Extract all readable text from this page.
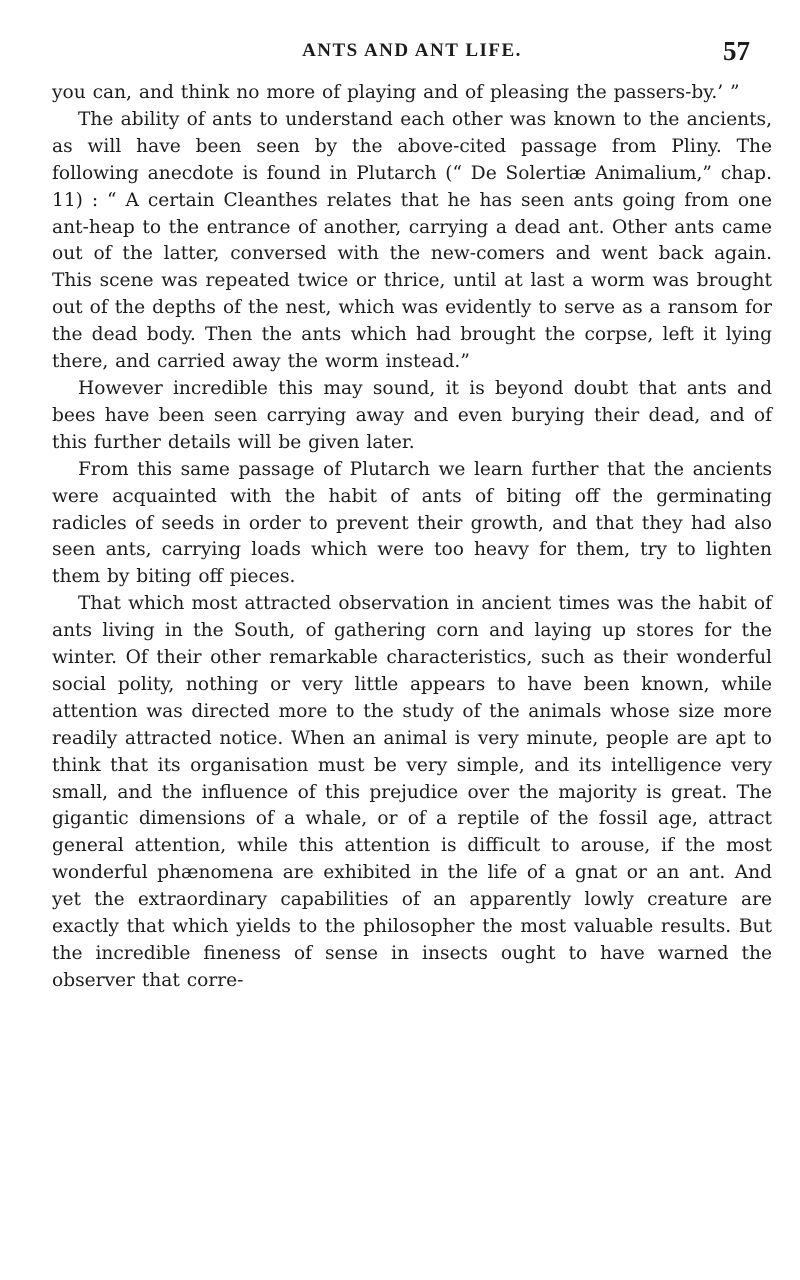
ANTS AND ANT LIFE.	57

you can, and think no more of playing and of pleasing the passers-by.’ ”

The ability of ants to understand each other was known to the ancients, as will have been seen by the above-cited passage from Pliny. The following anecdote is found in Plutarch (“ De Solertiæ Animalium,” chap. 11) : “ A certain Cleanthes relates that he has seen ants going from one ant-heap to the entrance of another, carrying a dead ant. Other ants came out of the latter, conversed with the new-comers and went back again. This scene was repeated twice or thrice, until at last a worm was brought out of the depths of the nest, which was evidently to serve as a ransom for the dead body. Then the ants which had brought the corpse, left it lying there, and carried away the worm instead.”

However incredible this may sound, it is beyond doubt that ants and bees have been seen carrying away and even burying their dead, and of this further details will be given later.

From this same passage of Plutarch we learn further that the ancients were acquainted with the habit of ants of biting off the germinating radicles of seeds in order to prevent their growth, and that they had also seen ants, carrying loads which were too heavy for them, try to lighten them by biting off pieces.

That which most attracted observation in ancient times was the habit of ants living in the South, of gathering corn and laying up stores for the winter. Of their other remarkable characteristics, such as their wonderful social polity, nothing or very little appears to have been known, while attention was directed more to the study of the animals whose size more readily attracted notice. When an animal is very minute, people are apt to think that its organisation must be very simple, and its intelligence very small, and the influence of this prejudice over the majority is great. The gigantic dimensions of a whale, or of a reptile of the fossil age, attract general attention, while this attention is difficult to arouse, if the most wonderful phænomena are exhibited in the life of a gnat or an ant. And yet the extraordinary capabilities of an apparently lowly creature are exactly that which yields to the philosopher the most valuable results. But the incredible fineness of sense in insects ought to have warned the observer that corre-
